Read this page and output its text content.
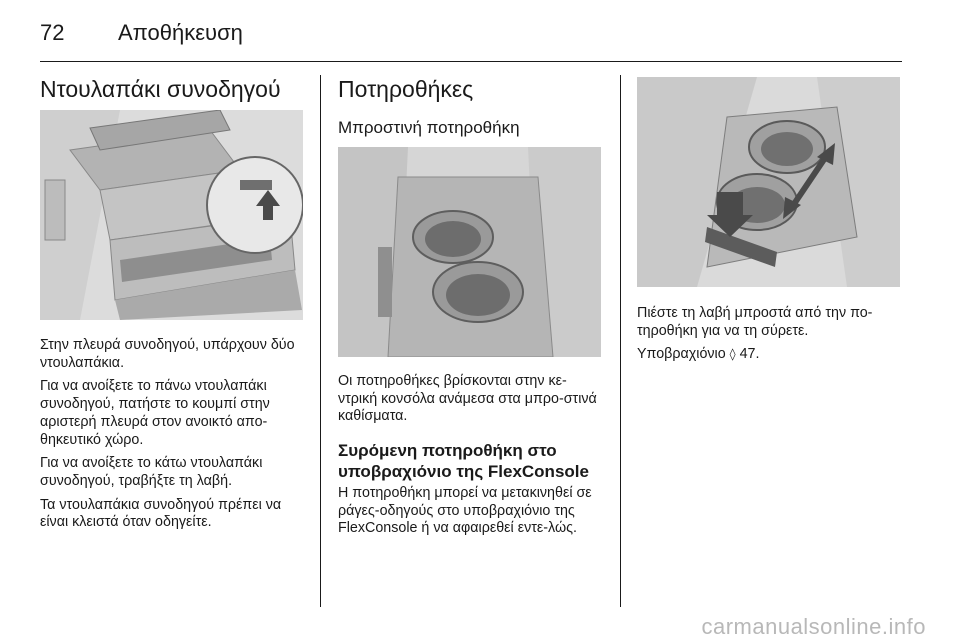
72 Αποθήκευση
Ντουλαπάκι συνοδηγού

Στην πλευρά συνοδηγού, υπάρχουν δύο ντουλαπάκια.

Για να ανοίξετε το πάνω ντουλαπάκι συνοδηγού, πατήστε το κουμπί στην αριστερή πλευρά στον ανοικτό απο-θηκευτικό χώρο.

Για να ανοίξετε το κάτω ντουλαπάκι συνοδηγού, τραβήξτε τη λαβή.

Τα ντουλαπάκια συνοδηγού πρέπει να είναι κλειστά όταν οδηγείτε.

Ποτηροθήκες
Μπροστινή ποτηροθήκη

Οι ποτηροθήκες βρίσκονται στην κε-ντρική κονσόλα ανάμεσα στα μπρο-στινά καθίσματα.

Συρόμενη ποτηροθήκη στο
υποβραχιόνιο της FlexConsole

Η ποτηροθήκη μπορεί να μετακινηθεί σε ράγες-οδηγούς στο υποβραχιόνιο της FlexConsole ή να αφαιρεθεί εντε-λώς.

Πιέστε τη λαβή μπροστά από την πο-τηροθήκη για να τη σύρετε.

Υποβραχιόνιο ◊ 47.

carmanualsonline.info
